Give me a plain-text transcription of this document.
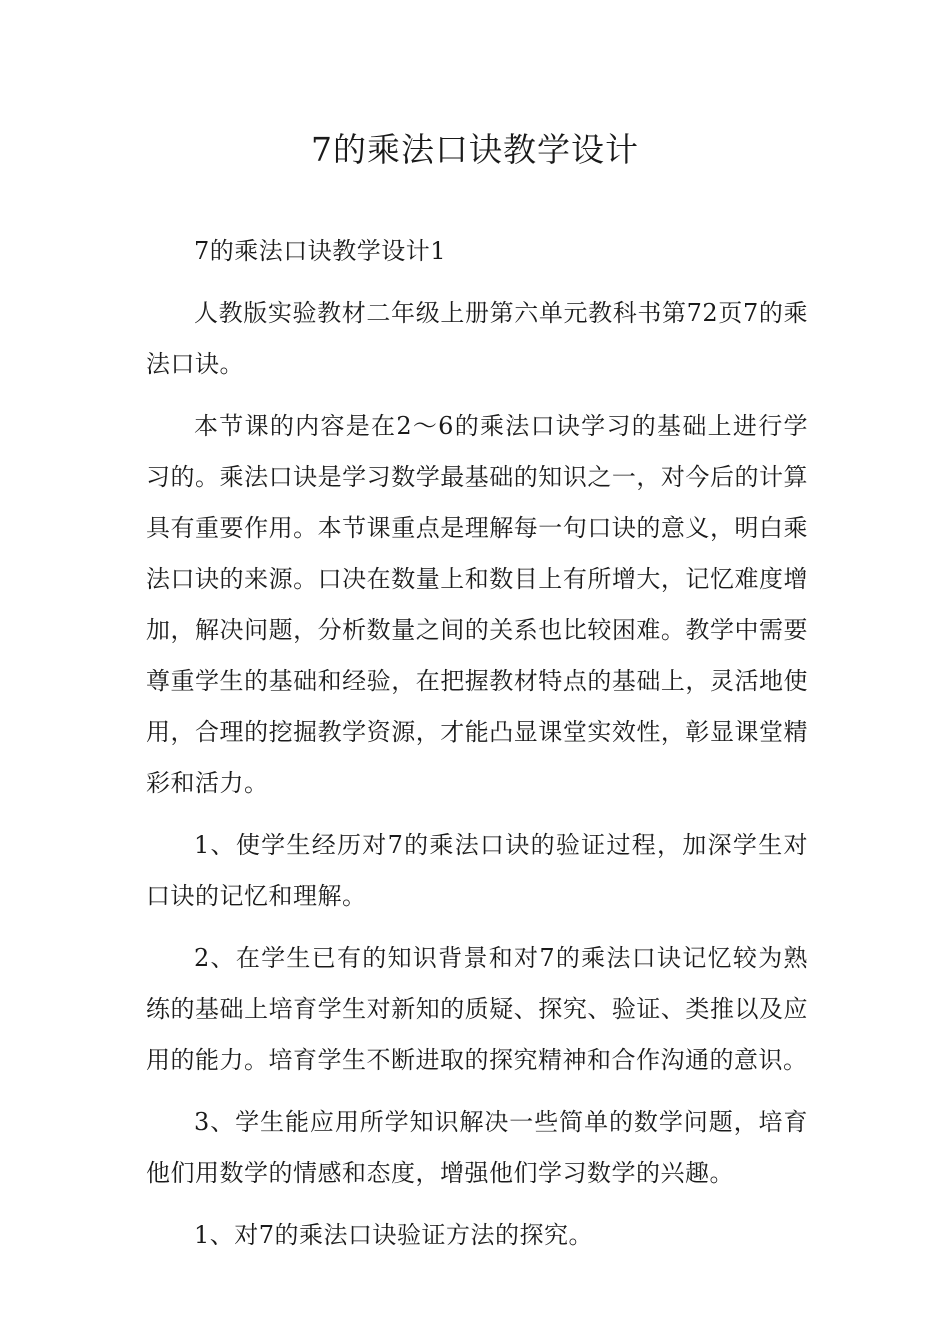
7的乘法口诀教学设计

7的乘法口诀教学设计1

人教版实验教材二年级上册第六单元教科书第72页7的乘法口诀。

本节课的内容是在2～6的乘法口诀学习的基础上进行学习的。乘法口诀是学习数学最基础的知识之一，对今后的计算具有重要作用。本节课重点是理解每一句口诀的意义，明白乘法口诀的来源。口决在数量上和数目上有所增大，记忆难度增加，解决问题，分析数量之间的关系也比较困难。教学中需要尊重学生的基础和经验，在把握教材特点的基础上，灵活地使用，合理的挖掘教学资源，才能凸显课堂实效性，彰显课堂精彩和活力。

1、使学生经历对7的乘法口诀的验证过程，加深学生对口诀的记忆和理解。

2、在学生已有的知识背景和对7的乘法口诀记忆较为熟练的基础上培育学生对新知的质疑、探究、验证、类推以及应用的能力。培育学生不断进取的探究精神和合作沟通的意识。

3、学生能应用所学知识解决一些简单的数学问题，培育他们用数学的情感和态度，增强他们学习数学的兴趣。

1、对7的乘法口诀验证方法的探究。
